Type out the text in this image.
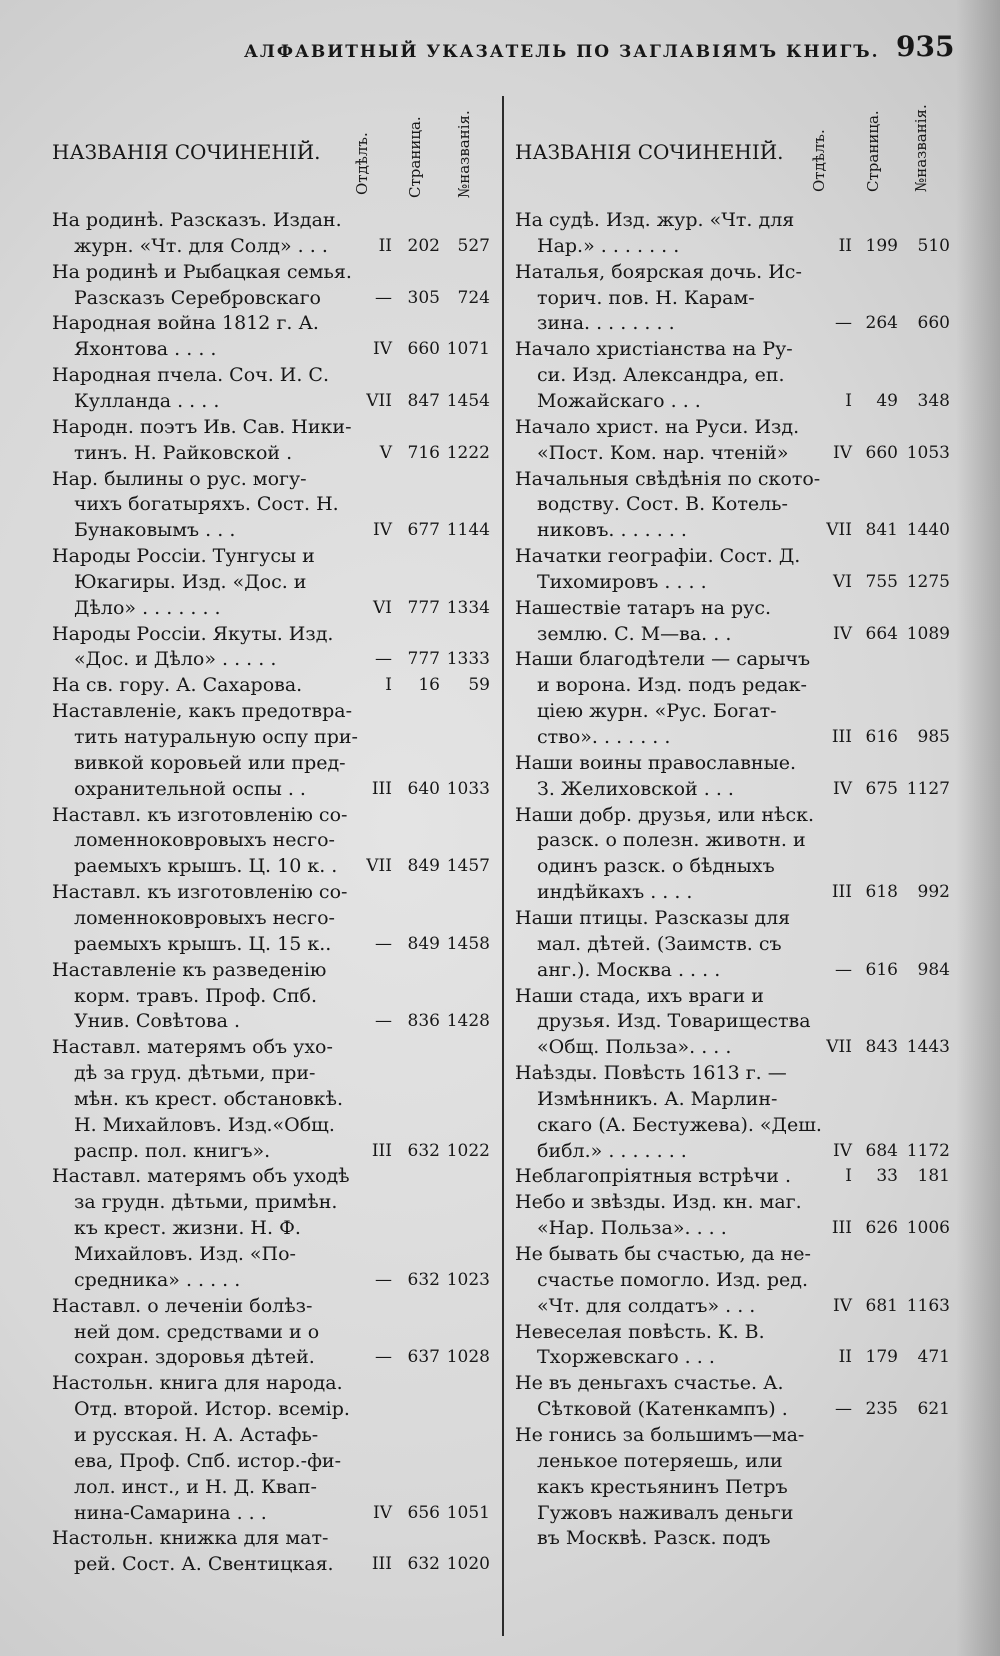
АЛФАВИТНЫЙ УКАЗАТЕЛЬ ПО ЗАГЛАВІЯМЪ КНИГЪ. 935
НАЗВАНІЯ СОЧИНЕНІЙ. Отдѣлъ. Страница. №названія.
На родинѣ. Разсказъ. Издан.
журн. «Чт. для Солд» . . .	II 202	527
На родинѣ и Рыбацкая семья.
Разсказъ Серебровскаго	— 305	724
Народная война 1812 г. А.
Яхонтова . . . .	IV 660 1071
Народная пчела. Соч. И. С.
Кулланда . . . .	VII 847 1454
Народн. поэтъ Ив. Сав. Ники-
тинъ. Н. Райковской .	V 716 1222
Нар. былины о рус. могу-
чихъ богатыряхъ. Сост. Н.
Бунаковымъ . . .	IV 677 1144
Народы Россіи. Тунгусы и
Юкагиры. Изд. «Дос. и
Дѣло» . . . . . . .	VI 777 1334
Народы Россіи. Якуты. Изд.
«Дос. и Дѣло» . . . . .	— 777 1333
На св. гору. А. Сахарова.	I	16	59
Наставленіе, какъ предотвра-
тить натуральную оспу при-
вивкой коровьей или пред-
охранительной оспы . .	III 640 1033
Наставл. къ изготовленію со-
ломенноковровыхъ несго-
раемыхъ крышъ. Ц. 10 к. .	VII 849 1457
Наставл. къ изготовленію со-
ломенноковровыхъ несго-
раемыхъ крышъ. Ц. 15 к..	— 849 1458
Наставленіе къ разведенію
корм. травъ. Проф. Спб.
Унив. Совѣтова .	— 836 1428
Наставл. матерямъ объ ухо-
дѣ за груд. дѣтьми, при-
мѣн. къ крест. обстановкѣ.
Н. Михайловъ. Изд.«Общ.
распр. пол. книгъ».	III 632 1022
Наставл. матерямъ объ уходѣ
за грудн. дѣтьми, примѣн.
къ крест. жизни. Н. Ф.
Михайловъ. Изд. «По-
средника» . . . . .	— 632 1023
Наставл. о леченіи болѣз-
ней дом. средствами и о
сохран. здоровья дѣтей.	— 637 1028
Настольн. книга для народа.
Отд. второй. Истор. всемір.
и русская. Н. А. Астафь-
ева, Проф. Спб. истор.-фи-
лол. инст., и Н. Д. Квап-
нина-Самарина . . .	IV 656 1051
Настольн. книжка для мат-
рей. Сост. А. Свентицкая.	III 632 1020
НАЗВАНІЯ СОЧИНЕНІЙ. Отдѣлъ. Страница. №названія.
На судѣ. Изд. жур. «Чт. для
Нар.» . . . . . . .	II 199	510
Наталья, боярская дочь. Ис-
торич. пов. Н. Карам-
зина. . . . . . . .	— 264	660
Начало христіанства на Ру-
си. Изд. Александра, еп.
Можайскаго . . .	I	49	348
Начало христ. на Руси. Изд.
«Пост. Ком. нар. чтеній»	IV 660 1053
Начальныя свѣдѣнія по ското-
водству. Сост. В. Котель-
никовъ. . . . . . .	VII 841 1440
Начатки географіи. Сост. Д.
Тихомировъ . . . .	VI 755 1275
Нашествіе татаръ на рус.
землю. С. М—ва. . .	IV 664 1089
Наши благодѣтели — сарычъ
и ворона. Изд. подъ редак-
ціею журн. «Рус. Богат-
ство». . . . . . .	III 616	985
Наши воины православные.
З. Желиховской . . .	IV 675 1127
Наши добр. друзья, или нѣск.
разск. о полезн. животн. и
одинъ разск. о бѣдныхъ
индѣйкахъ . . . .	III 618	992
Наши птицы. Разсказы для
мал. дѣтей. (Заимств. съ
анг.). Москва . . . .	— 616	984
Наши стада, ихъ враги и
друзья. Изд. Товарищества
«Общ. Польза». . . .	VII 843 1443
Наѣзды. Повѣсть 1613 г. —
Измѣнникъ. А. Марлин-
скаго (А. Бестужева). «Деш.
библ.» . . . . . . .	IV 684 1172
Неблагопріятныя встрѣчи .	I	33	181
Небо и звѣзды. Изд. кн. маг.
«Нар. Польза». . . .	III 626 1006
Не бывать бы счастью, да не-
счастье помогло. Изд. ред.
«Чт. для солдатъ» . . .	IV 681 1163
Невеселая повѣсть. К. В.
Тхоржевскаго . . .	II 179	471
Не въ деньгахъ счастье. А.
Сѣтковой (Катенкампъ) .	— 235	621
Не гонись за большимъ—ма-
ленькое потеряешь, или
какъ крестьянинъ Петръ
Гужовъ наживалъ деньги
въ Москвѣ. Разск. подъ
